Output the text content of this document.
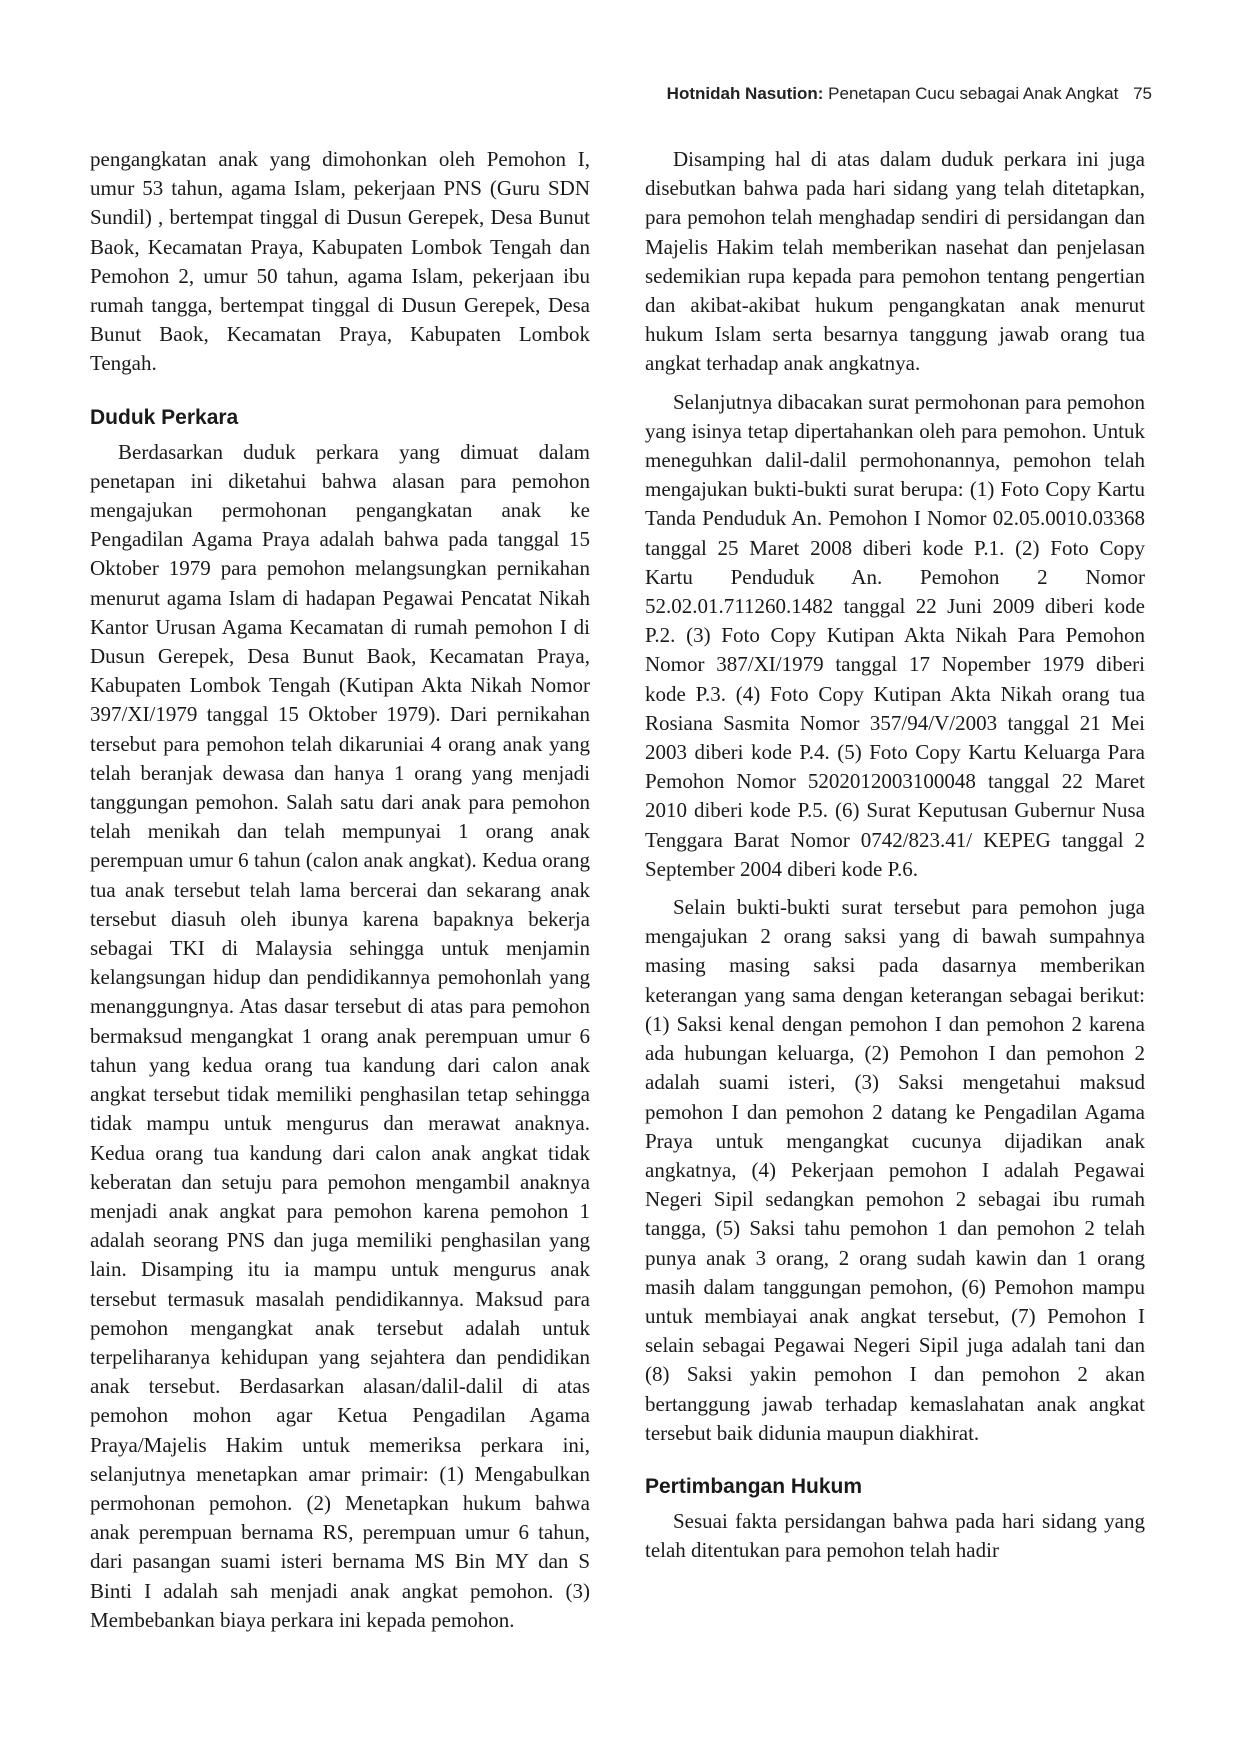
Hotnidah Nasution: Penetapan Cucu sebagai Anak Angkat 75

pengangkatan anak yang dimohonkan oleh Pemohon I, umur 53 tahun, agama Islam, pekerjaan PNS (Guru SDN Sundil) , bertempat tinggal di Dusun Gerepek, Desa Bunut Baok, Kecamatan Praya, Kabupaten Lombok Tengah dan Pemohon 2, umur 50 tahun, agama Islam, pekerjaan ibu rumah tangga, bertempat tinggal di Dusun Gerepek, Desa Bunut Baok, Kecamatan Praya, Kabupaten Lombok Tengah.

Duduk Perkara

Berdasarkan duduk perkara yang dimuat dalam penetapan ini diketahui bahwa alasan para pemohon mengajukan permohonan pengangkatan anak ke Pengadilan Agama Praya adalah bahwa pada tanggal 15 Oktober 1979 para pemohon melangsungkan pernikahan menurut agama Islam di hadapan Pegawai Pencatat Nikah Kantor Urusan Agama Kecamatan di rumah pemohon I di Dusun Gerepek, Desa Bunut Baok, Kecamatan Praya, Kabupaten Lombok Tengah (Kutipan Akta Nikah Nomor 397/XI/1979 tanggal 15 Oktober 1979). Dari pernikahan tersebut para pemohon telah dikaruniai 4 orang anak yang telah beranjak dewasa dan hanya 1 orang yang menjadi tanggungan pemohon. Salah satu dari anak para pemohon telah menikah dan telah mempunyai 1 orang anak perempuan umur 6 tahun (calon anak angkat). Kedua orang tua anak tersebut telah lama bercerai dan sekarang anak tersebut diasuh oleh ibunya karena bapaknya bekerja sebagai TKI di Malaysia sehingga untuk menjamin kelangsungan hidup dan pendidikannya pemohonlah yang menanggungnya. Atas dasar tersebut di atas para pemohon bermaksud mengangkat 1 orang anak perempuan umur 6 tahun yang kedua orang tua kandung dari calon anak angkat tersebut tidak memiliki penghasilan tetap sehingga tidak mampu untuk mengurus dan merawat anaknya. Kedua orang tua kandung dari calon anak angkat tidak keberatan dan setuju para pemohon mengambil anaknya menjadi anak angkat para pemohon karena pemohon 1 adalah seorang PNS dan juga memiliki penghasilan yang lain. Disamping itu ia mampu untuk mengurus anak tersebut termasuk masalah pendidikannya. Maksud para pemohon mengangkat anak tersebut adalah untuk terpeliharanya kehidupan yang sejahtera dan pendidikan anak tersebut. Berdasarkan alasan/dalil-dalil di atas pemohon mohon agar Ketua Pengadilan Agama Praya/Majelis Hakim untuk memeriksa perkara ini, selanjutnya menetapkan amar primair: (1) Mengabulkan permohonan pemohon. (2) Menetapkan hukum bahwa anak perempuan bernama RS, perempuan umur 6 tahun, dari pasangan suami isteri bernama MS Bin MY dan S Binti I adalah sah menjadi anak angkat pemohon. (3) Membebankan biaya perkara ini kepada pemohon.

Disamping hal di atas dalam duduk perkara ini juga disebutkan bahwa pada hari sidang yang telah ditetapkan, para pemohon telah menghadap sendiri di persidangan dan Majelis Hakim telah memberikan nasehat dan penjelasan sedemikian rupa kepada para pemohon tentang pengertian dan akibat-akibat hukum pengangkatan anak menurut hukum Islam serta besarnya tanggung jawab orang tua angkat terhadap anak angkatnya.

Selanjutnya dibacakan surat permohonan para pemohon yang isinya tetap dipertahankan oleh para pemohon. Untuk meneguhkan dalil-dalil permohonannya, pemohon telah mengajukan bukti-bukti surat berupa: (1) Foto Copy Kartu Tanda Penduduk An. Pemohon I Nomor 02.05.0010.03368 tanggal 25 Maret 2008 diberi kode P.1. (2) Foto Copy Kartu Penduduk An. Pemohon 2 Nomor 52.02.01.711260.1482 tanggal 22 Juni 2009 diberi kode P.2. (3) Foto Copy Kutipan Akta Nikah Para Pemohon Nomor 387/XI/1979 tanggal 17 Nopember 1979 diberi kode P.3. (4) Foto Copy Kutipan Akta Nikah orang tua Rosiana Sasmita Nomor 357/94/V/2003 tanggal 21 Mei 2003 diberi kode P.4. (5) Foto Copy Kartu Keluarga Para Pemohon Nomor 5202012003100048 tanggal 22 Maret 2010 diberi kode P.5. (6) Surat Keputusan Gubernur Nusa Tenggara Barat Nomor 0742/823.41/ KEPEG tanggal 2 September 2004 diberi kode P.6.

Selain bukti-bukti surat tersebut para pemohon juga mengajukan 2 orang saksi yang di bawah sumpahnya masing masing saksi pada dasarnya memberikan keterangan yang sama dengan keterangan sebagai berikut: (1) Saksi kenal dengan pemohon I dan pemohon 2 karena ada hubungan keluarga, (2) Pemohon I dan pemohon 2 adalah suami isteri, (3) Saksi mengetahui maksud pemohon I dan pemohon 2 datang ke Pengadilan Agama Praya untuk mengangkat cucunya dijadikan anak angkatnya, (4) Pekerjaan pemohon I adalah Pegawai Negeri Sipil sedangkan pemohon 2 sebagai ibu rumah tangga, (5) Saksi tahu pemohon 1 dan pemohon 2 telah punya anak 3 orang, 2 orang sudah kawin dan 1 orang masih dalam tanggungan pemohon, (6) Pemohon mampu untuk membiayai anak angkat tersebut, (7) Pemohon I selain sebagai Pegawai Negeri Sipil juga adalah tani dan (8) Saksi yakin pemohon I dan pemohon 2 akan bertanggung jawab terhadap kemaslahatan anak angkat tersebut baik didunia maupun diakhirat.

Pertimbangan Hukum

Sesuai fakta persidangan bahwa pada hari sidang yang telah ditentukan para pemohon telah hadir
